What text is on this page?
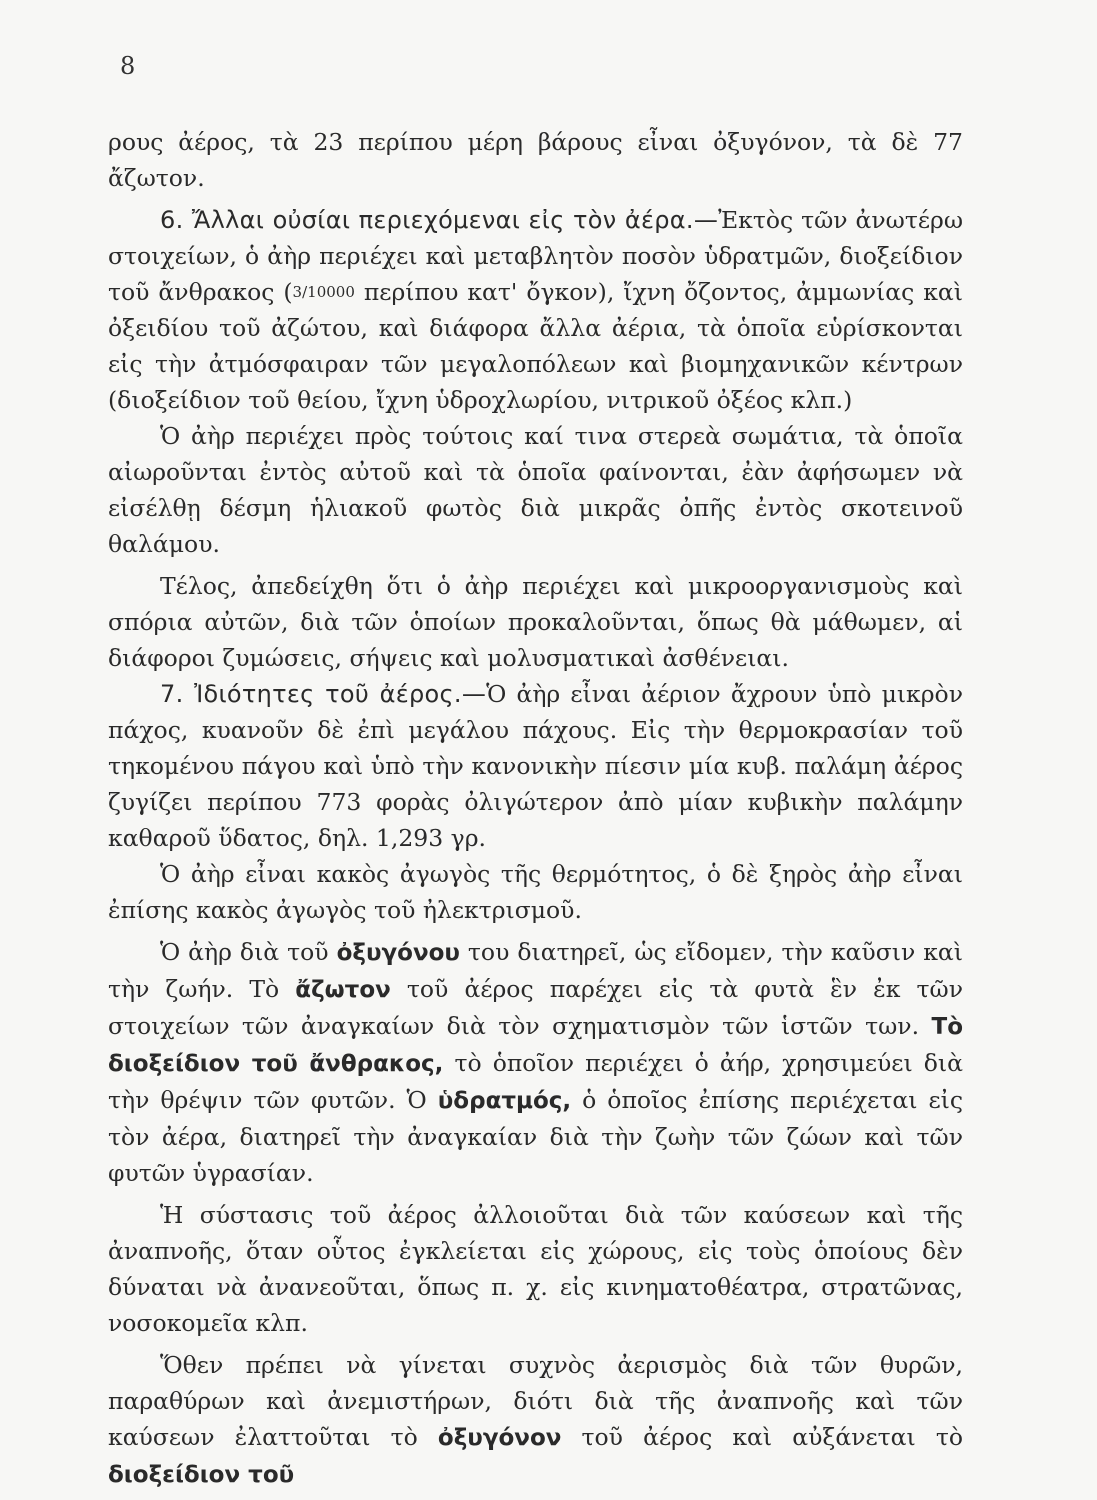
8

ρους ἀέρος, τὰ 23 περίπου μέρη βάρους εἶναι ὀξυγόνον, τὰ δὲ 77 ἄζωτον.

6. Ἄλλαι οὐσίαι περιεχόμεναι εἰς τὸν ἀέρα.—Ἐκτὸς τῶν ἀνωτέρω στοιχείων, ὁ ἀὴρ περιέχει καὶ μεταβλητὸν ποσὸν ὑδρατμῶν, διοξείδιον τοῦ ἄνθρακος (3/10000 περίπου κατ' ὄγκον), ἴχνη ὄζοντος, ἀμμωνίας καὶ ὀξειδίου τοῦ ἀζώτου, καὶ διάφορα ἄλλα ἀέρια, τὰ ὁποῖα εὑρίσκονται εἰς τὴν ἀτμόσφαιραν τῶν μεγαλοπόλεων καὶ βιομηχανικῶν κέντρων (διοξείδιον τοῦ θείου, ἴχνη ὑδροχλωρίου, νιτρικοῦ ὀξέος κλπ.)

Ὁ ἀὴρ περιέχει πρὸς τούτοις καί τινα στερεὰ σωμάτια, τὰ ὁποῖα αἰωροῦνται ἐντὸς αὐτοῦ καὶ τὰ ὁποῖα φαίνονται, ἐὰν ἀφήσωμεν νὰ εἰσέλθῃ δέσμη ἡλιακοῦ φωτὸς διὰ μικρᾶς ὀπῆς ἐντὸς σκοτεινοῦ θαλάμου.

Τέλος, ἀπεδείχθη ὅτι ὁ ἀὴρ περιέχει καὶ μικροοργανισμοὺς καὶ σπόρια αὐτῶν, διὰ τῶν ὁποίων προκαλοῦνται, ὅπως θὰ μάθωμεν, αἱ διάφοροι ζυμώσεις, σήψεις καὶ μολυσματικαὶ ἀσθένειαι.

7. Ἰδιότητες τοῦ ἀέρος.—Ὁ ἀὴρ εἶναι ἀέριον ἄχρουν ὑπὸ μικρὸν πάχος, κυανοῦν δὲ ἐπὶ μεγάλου πάχους. Εἰς τὴν θερμοκρασίαν τοῦ τηκομένου πάγου καὶ ὑπὸ τὴν κανονικὴν πίεσιν μία κυβ. παλάμη ἀέρος ζυγίζει περίπου 773 φορὰς ὀλιγώτερον ἀπὸ μίαν κυβικὴν παλάμην καθαροῦ ὕδατος, δηλ. 1,293 γρ.

Ὁ ἀὴρ εἶναι κακὸς ἀγωγὸς τῆς θερμότητος, ὁ δὲ ξηρὸς ἀὴρ εἶναι ἐπίσης κακὸς ἀγωγὸς τοῦ ἠλεκτρισμοῦ.

Ὁ ἀὴρ διὰ τοῦ ὀξυγόνου του διατηρεῖ, ὡς εἴδομεν, τὴν καῦσιν καὶ τὴν ζωήν. Τὸ ἄζωτον τοῦ ἀέρος παρέχει εἰς τὰ φυτὰ ἓν ἐκ τῶν στοιχείων τῶν ἀναγκαίων διὰ τὸν σχηματισμὸν τῶν ἱστῶν των. Τὸ διοξείδιον τοῦ ἄνθρακος, τὸ ὁποῖον περιέχει ὁ ἀήρ, χρησιμεύει διὰ τὴν θρέψιν τῶν φυτῶν. Ὁ ὑδρατμός, ὁ ὁποῖος ἐπίσης περιέχεται εἰς τὸν ἀέρα, διατηρεῖ τὴν ἀναγκαίαν διὰ τὴν ζωὴν τῶν ζώων καὶ τῶν φυτῶν ὑγρασίαν.

Ἡ σύστασις τοῦ ἀέρος ἀλλοιοῦται διὰ τῶν καύσεων καὶ τῆς ἀναπνοῆς, ὅταν οὗτος ἐγκλείεται εἰς χώρους, εἰς τοὺς ὁποίους δὲν δύναται νὰ ἀνανεοῦται, ὅπως π. χ. εἰς κινηματοθέατρα, στρατῶνας, νοσοκομεῖα κλπ.

Ὅθεν πρέπει νὰ γίνεται συχνὸς ἀερισμὸς διὰ τῶν θυρῶν, παραθύρων καὶ ἀνεμιστήρων, διότι διὰ τῆς ἀναπνοῆς καὶ τῶν καύσεων ἐλαττοῦται τὸ ὀξυγόνον τοῦ ἀέρος καὶ αὐξάνεται τὸ διοξείδιον τοῦ
